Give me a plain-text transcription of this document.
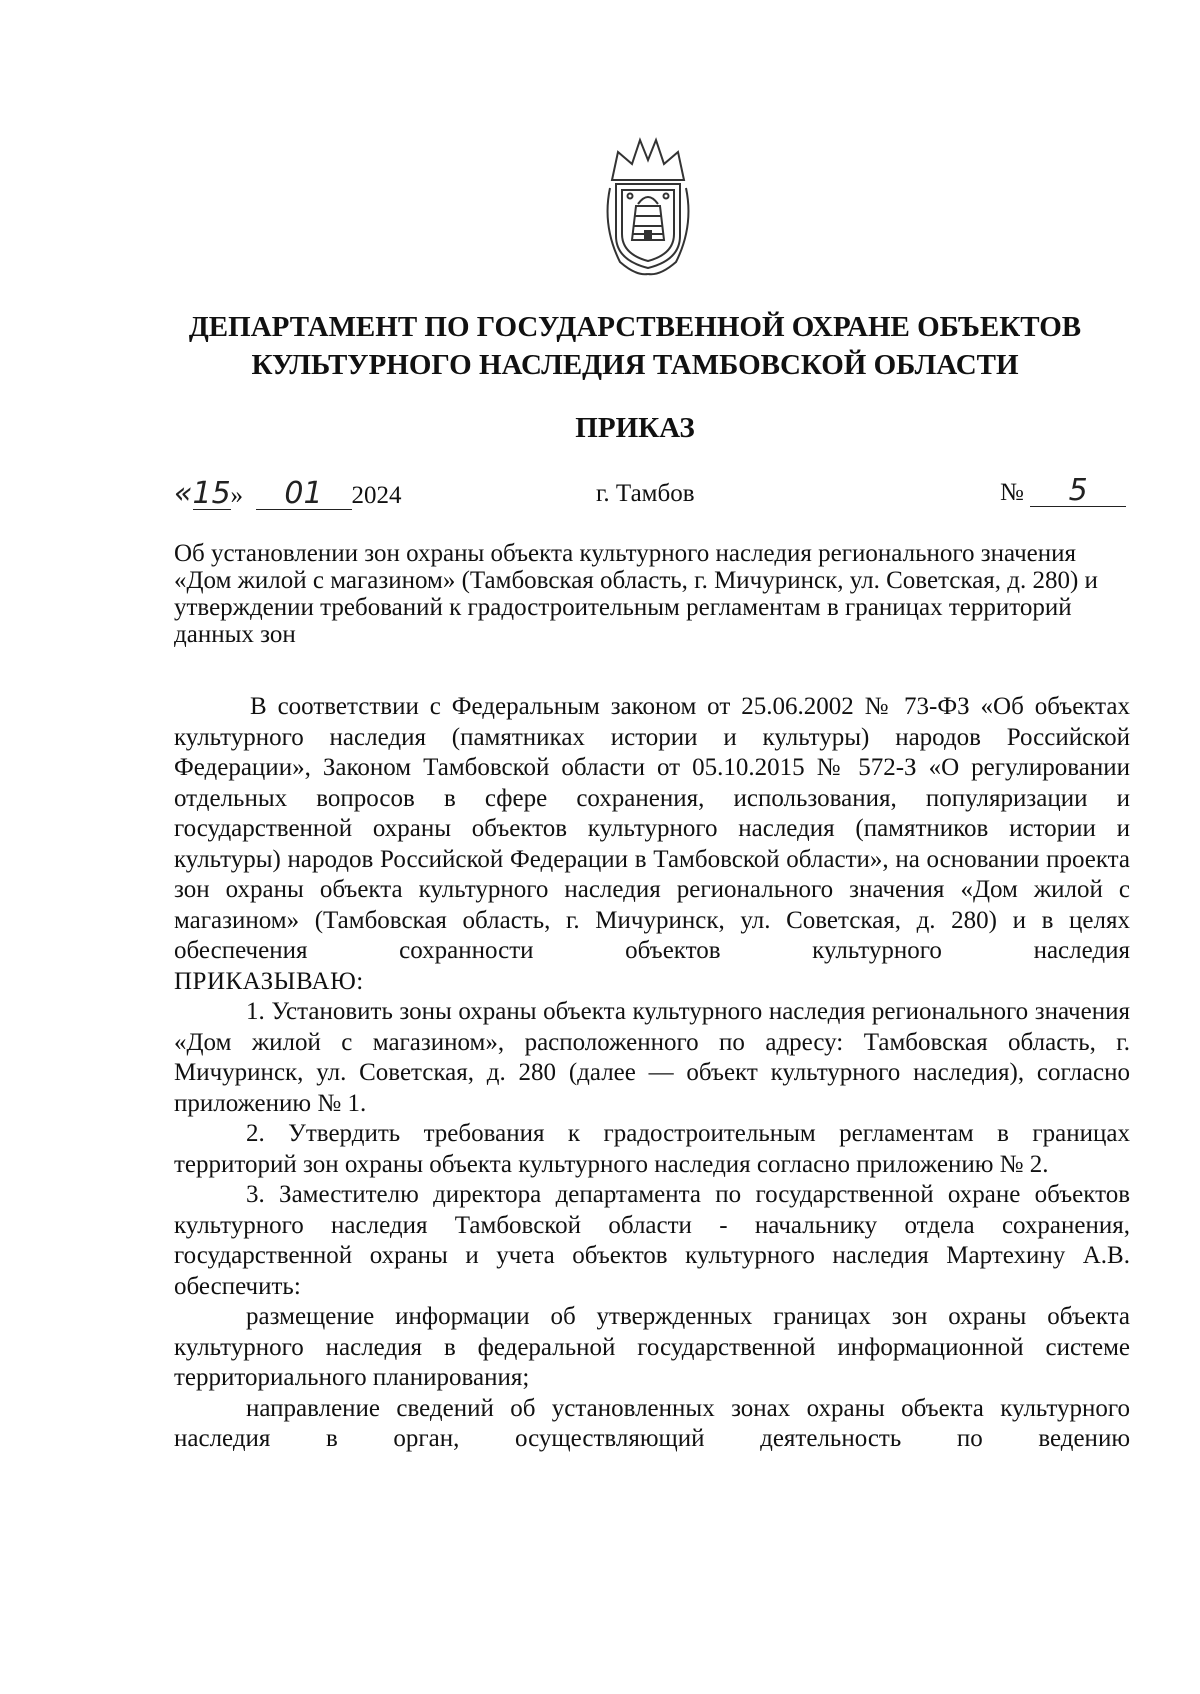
ДЕПАРТАМЕНТ ПО ГОСУДАРСТВЕННОЙ ОХРАНЕ ОБЪЕКТОВ
КУЛЬТУРНОГО НАСЛЕДИЯ ТАМБОВСКОЙ ОБЛАСТИ
ПРИКАЗ
«15» 01 2024	г. Тамбов	№ 5
Об установлении зон охраны объекта культурного наследия регионального значения «Дом жилой с магазином» (Тамбовская область, г. Мичуринск, ул. Советская, д. 280) и утверждении требований к градостроительным регламентам в границах территорий данных зон

В соответствии с Федеральным законом от 25.06.2002 № 73-ФЗ «Об объектах культурного наследия (памятниках истории и культуры) народов Российской Федерации», Законом Тамбовской области от 05.10.2015 № 572-З «О регулировании отдельных вопросов в сфере сохранения, использования, популяризации и государственной охраны объектов культурного наследия (памятников истории и культуры) народов Российской Федерации в Тамбовской области», на основании проекта зон охраны объекта культурного наследия регионального значения «Дом жилой с магазином» (Тамбовская область, г. Мичуринск, ул. Советская, д. 280) и в целях обеспечения сохранности объектов культурного наследия

ПРИКАЗЫВАЮ:

1. Установить зоны охраны объекта культурного наследия регионального значения «Дом жилой с магазином», расположенного по адресу: Тамбовская область, г. Мичуринск, ул. Советская, д. 280 (далее — объект культурного наследия), согласно приложению № 1.

2. Утвердить требования к градостроительным регламентам в границах территорий зон охраны объекта культурного наследия согласно приложению № 2.

3. Заместителю директора департамента по государственной охране объектов культурного наследия Тамбовской области - начальнику отдела сохранения, государственной охраны и учета объектов культурного наследия Мартехину А.В. обеспечить:

размещение информации об утвержденных границах зон охраны объекта культурного наследия в федеральной государственной информационной системе территориального планирования;

направление сведений об установленных зонах охраны объекта культурного наследия в орган, осуществляющий деятельность по ведению
